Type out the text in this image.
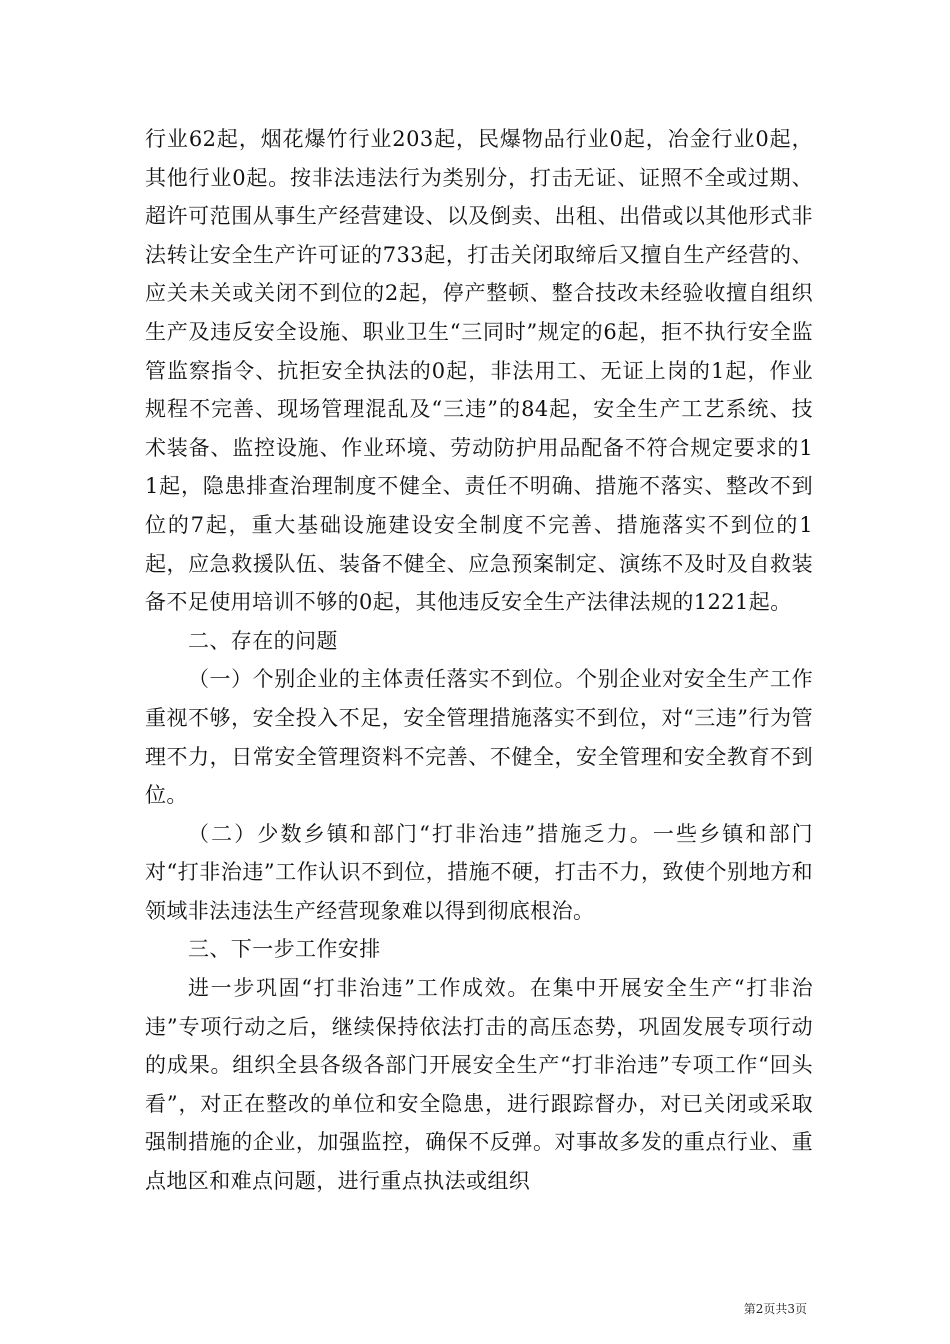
行业62起，烟花爆竹行业203起，民爆物品行业0起，冶金行业0起，其他行业0起。按非法违法行为类别分，打击无证、证照不全或过期、超许可范围从事生产经营建设、以及倒卖、出租、出借或以其他形式非法转让安全生产许可证的733起，打击关闭取缔后又擅自生产经营的、应关未关或关闭不到位的2起，停产整顿、整合技改未经验收擅自组织生产及违反安全设施、职业卫生“三同时”规定的6起，拒不执行安全监管监察指令、抗拒安全执法的0起，非法用工、无证上岗的1起，作业规程不完善、现场管理混乱及“三违”的84起，安全生产工艺系统、技术装备、监控设施、作业环境、劳动防护用品配备不符合规定要求的11起，隐患排查治理制度不健全、责任不明确、措施不落实、整改不到位的7起，重大基础设施建设安全制度不完善、措施落实不到位的1起，应急救援队伍、装备不健全、应急预案制定、演练不及时及自救装备不足使用培训不够的0起，其他违反安全生产法律法规的1221起。

二、存在的问题

（一）个别企业的主体责任落实不到位。个别企业对安全生产工作重视不够，安全投入不足，安全管理措施落实不到位，对“三违”行为管理不力，日常安全管理资料不完善、不健全，安全管理和安全教育不到位。

（二）少数乡镇和部门“打非治违”措施乏力。一些乡镇和部门对“打非治违”工作认识不到位，措施不硬，打击不力，致使个别地方和领域非法违法生产经营现象难以得到彻底根治。

三、下一步工作安排

进一步巩固“打非治违”工作成效。在集中开展安全生产“打非治违”专项行动之后，继续保持依法打击的高压态势，巩固发展专项行动的成果。组织全县各级各部门开展安全生产“打非治违”专项工作“回头看”，对正在整改的单位和安全隐患，进行跟踪督办，对已关闭或采取强制措施的企业，加强监控，确保不反弹。对事故多发的重点行业、重点地区和难点问题，进行重点执法或组织

第2页共3页
